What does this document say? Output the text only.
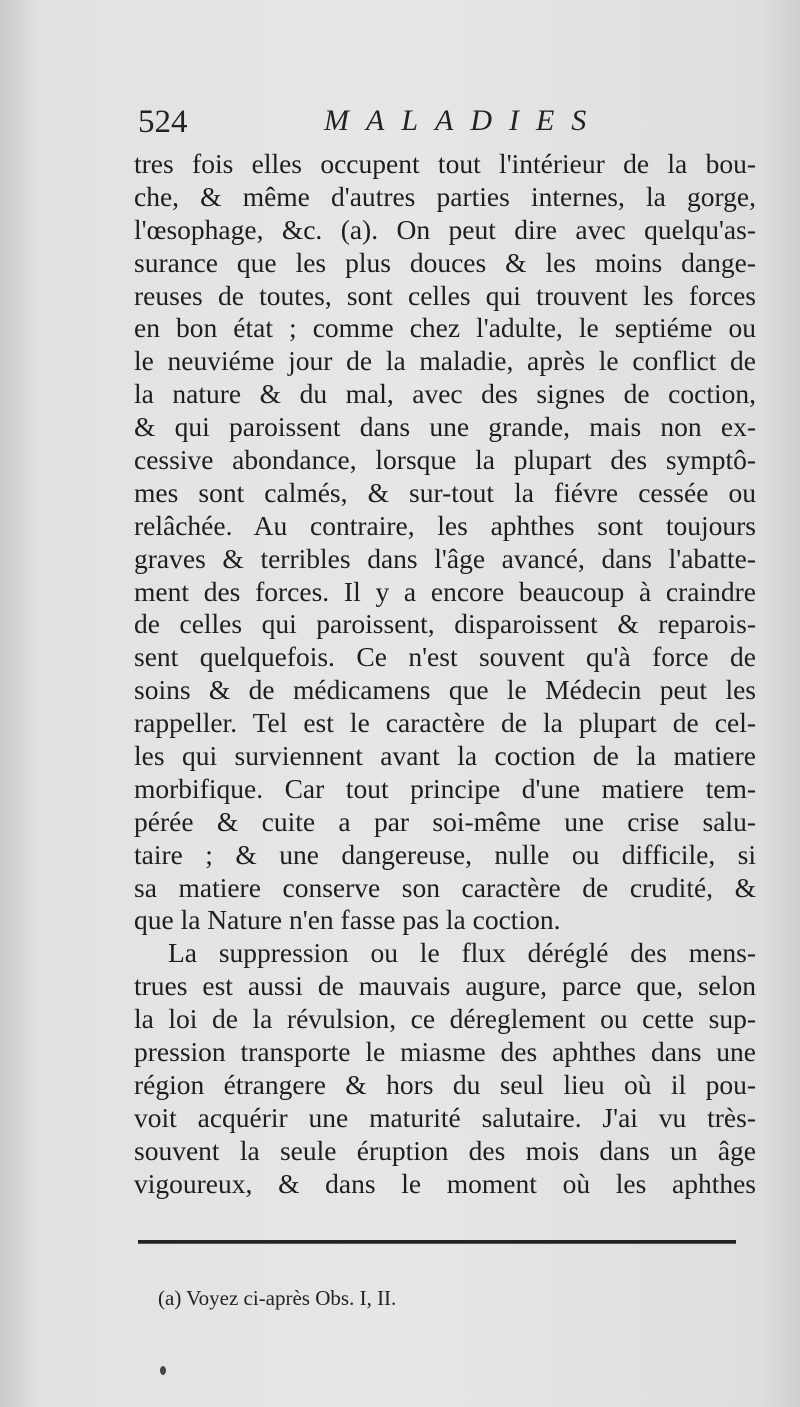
524	MALADIES
tres fois elles occupent tout l'intérieur de la bou-
che, & même d'autres parties internes, la gorge,
l'œsophage, &c. (a). On peut dire avec quelqu'as-
surance que les plus douces & les moins dange-
reuses de toutes, sont celles qui trouvent les forces
en bon état ; comme chez l'adulte, le septiéme ou
le neuviéme jour de la maladie, après le conflict de
la nature & du mal, avec des signes de coction,
& qui paroissent dans une grande, mais non ex-
cessive abondance, lorsque la plupart des symptô-
mes sont calmés, & sur-tout la fiévre cessée ou
relâchée. Au contraire, les aphthes sont toujours
graves & terribles dans l'âge avancé, dans l'abatte-
ment des forces. Il y a encore beaucoup à craindre
de celles qui paroissent, disparoissent & reparois-
sent quelquefois. Ce n'est souvent qu'à force de
soins & de médicamens que le Médecin peut les
rappeller. Tel est le caractère de la plupart de cel-
les qui surviennent avant la coction de la matiere
morbifique. Car tout principe d'une matiere tem-
pérée & cuite a par soi-même une crise salu-
taire ; & une dangereuse, nulle ou difficile, si
sa matiere conserve son caractère de crudité, &
que la Nature n'en fasse pas la coction.
La suppression ou le flux déréglé des mens-
trues est aussi de mauvais augure, parce que, selon
la loi de la révulsion, ce déreglement ou cette sup-
pression transporte le miasme des aphthes dans une
région étrangere & hors du seul lieu où il pou-
voit acquérir une maturité salutaire. J'ai vu très-
souvent la seule éruption des mois dans un âge
vigoureux, & dans le moment où les aphthes
(a) Voyez ci-après Obs. I, II.
